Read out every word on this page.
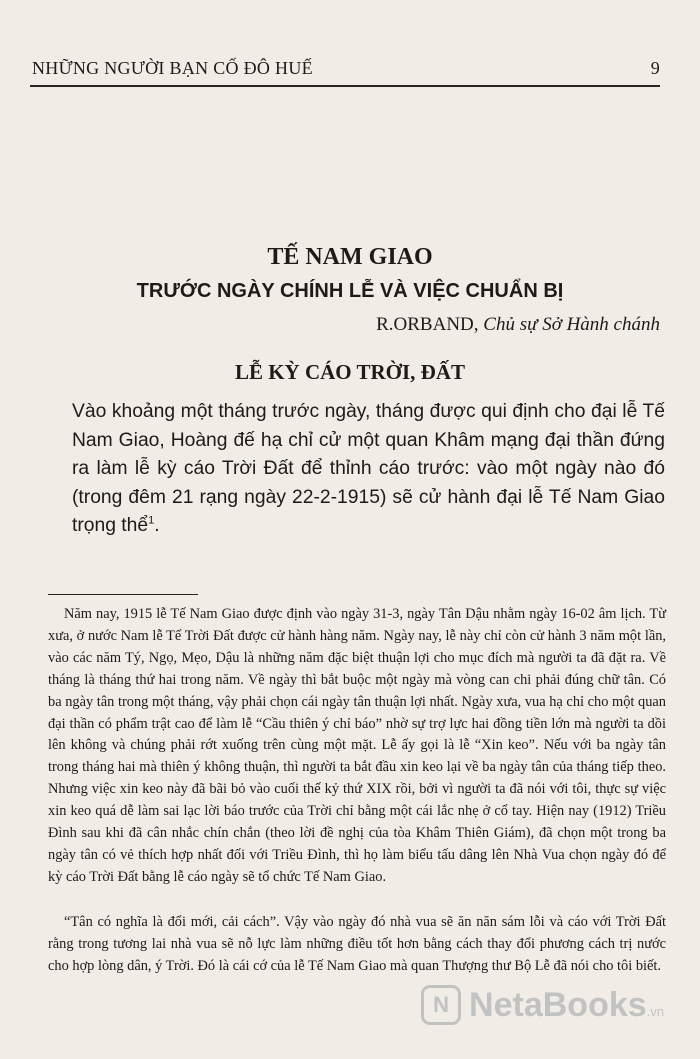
NHỮNG NGƯỜI BẠN CỐ ĐÔ HUẾ	9
TẾ NAM GIAO
TRƯỚC NGÀY CHÍNH LỄ VÀ VIỆC CHUẨN BỊ
R.ORBAND, Chủ sự Sở Hành chánh
LỄ KỲ CÁO TRỜI, ĐẤT

Vào khoảng một tháng trước ngày, tháng được qui định cho đại lễ Tế Nam Giao, Hoàng đế hạ chỉ cử một quan Khâm mạng đại thần đứng ra làm lễ kỳ cáo Trời Đất để thỉnh cáo trước: vào một ngày nào đó (trong đêm 21 rạng ngày 22-2-1915) sẽ cử hành đại lễ Tế Nam Giao trọng thể$^1$.

Năm nay, 1915 lễ Tế Nam Giao được định vào ngày 31-3, ngày Tân Dậu nhằm ngày 16-02 âm lịch. Từ xưa, ở nước Nam lễ Tế Trời Đất được cử hành hàng năm. Ngày nay, lễ này chỉ còn cử hành 3 năm một lần, vào các năm Tý, Ngọ, Mẹo, Dậu là những năm đặc biệt thuận lợi cho mục đích mà người ta đã đặt ra. Về tháng là tháng thứ hai trong năm. Về ngày thì bắt buộc một ngày mà vòng can chi phải đúng chữ tân. Có ba ngày tân trong một tháng, vậy phải chọn cái ngày tân thuận lợi nhất. Ngày xưa, vua hạ chỉ cho một quan đại thần có phẩm trật cao để làm lễ “Cầu thiên ý chỉ báo” nhờ sự trợ lực hai đồng tiền lớn mà người ta dồi lên không và chúng phải rớt xuống trên cùng một mặt. Lễ ấy gọi là lễ “Xin keo”. Nếu với ba ngày tân trong tháng hai mà thiên ý không thuận, thì người ta bắt đầu xin keo lại về ba ngày tân của tháng tiếp theo. Nhưng việc xin keo này đã bãi bỏ vào cuối thế kỷ thứ XIX rồi, bởi vì người ta đã nói với tôi, thực sự việc xin keo quá dễ làm sai lạc lời báo trước của Trời chỉ bằng một cái lắc nhẹ ở cổ tay. Hiện nay (1912) Triều Đình sau khi đã cân nhắc chín chắn (theo lời đề nghị của tòa Khâm Thiên Giám), đã chọn một trong ba ngày tân có vẻ thích hợp nhất đối với Triều Đình, thì họ làm biểu tấu dâng lên Nhà Vua chọn ngày đó để kỳ cáo Trời Đất bằng lễ cáo ngày sẽ tổ chức Tế Nam Giao.

“Tân có nghĩa là đổi mới, cải cách”. Vậy vào ngày đó nhà vua sẽ ăn năn sám lỗi và cáo với Trời Đất rằng trong tương lai nhà vua sẽ nỗ lực làm những điều tốt hơn bằng cách thay đổi phương cách trị nước cho hợp lòng dân, ý Trời. Đó là cái cớ của lễ Tế Nam Giao mà quan Thượng thư Bộ Lễ đã nói cho tôi biết.

N NetaBooks.vn
